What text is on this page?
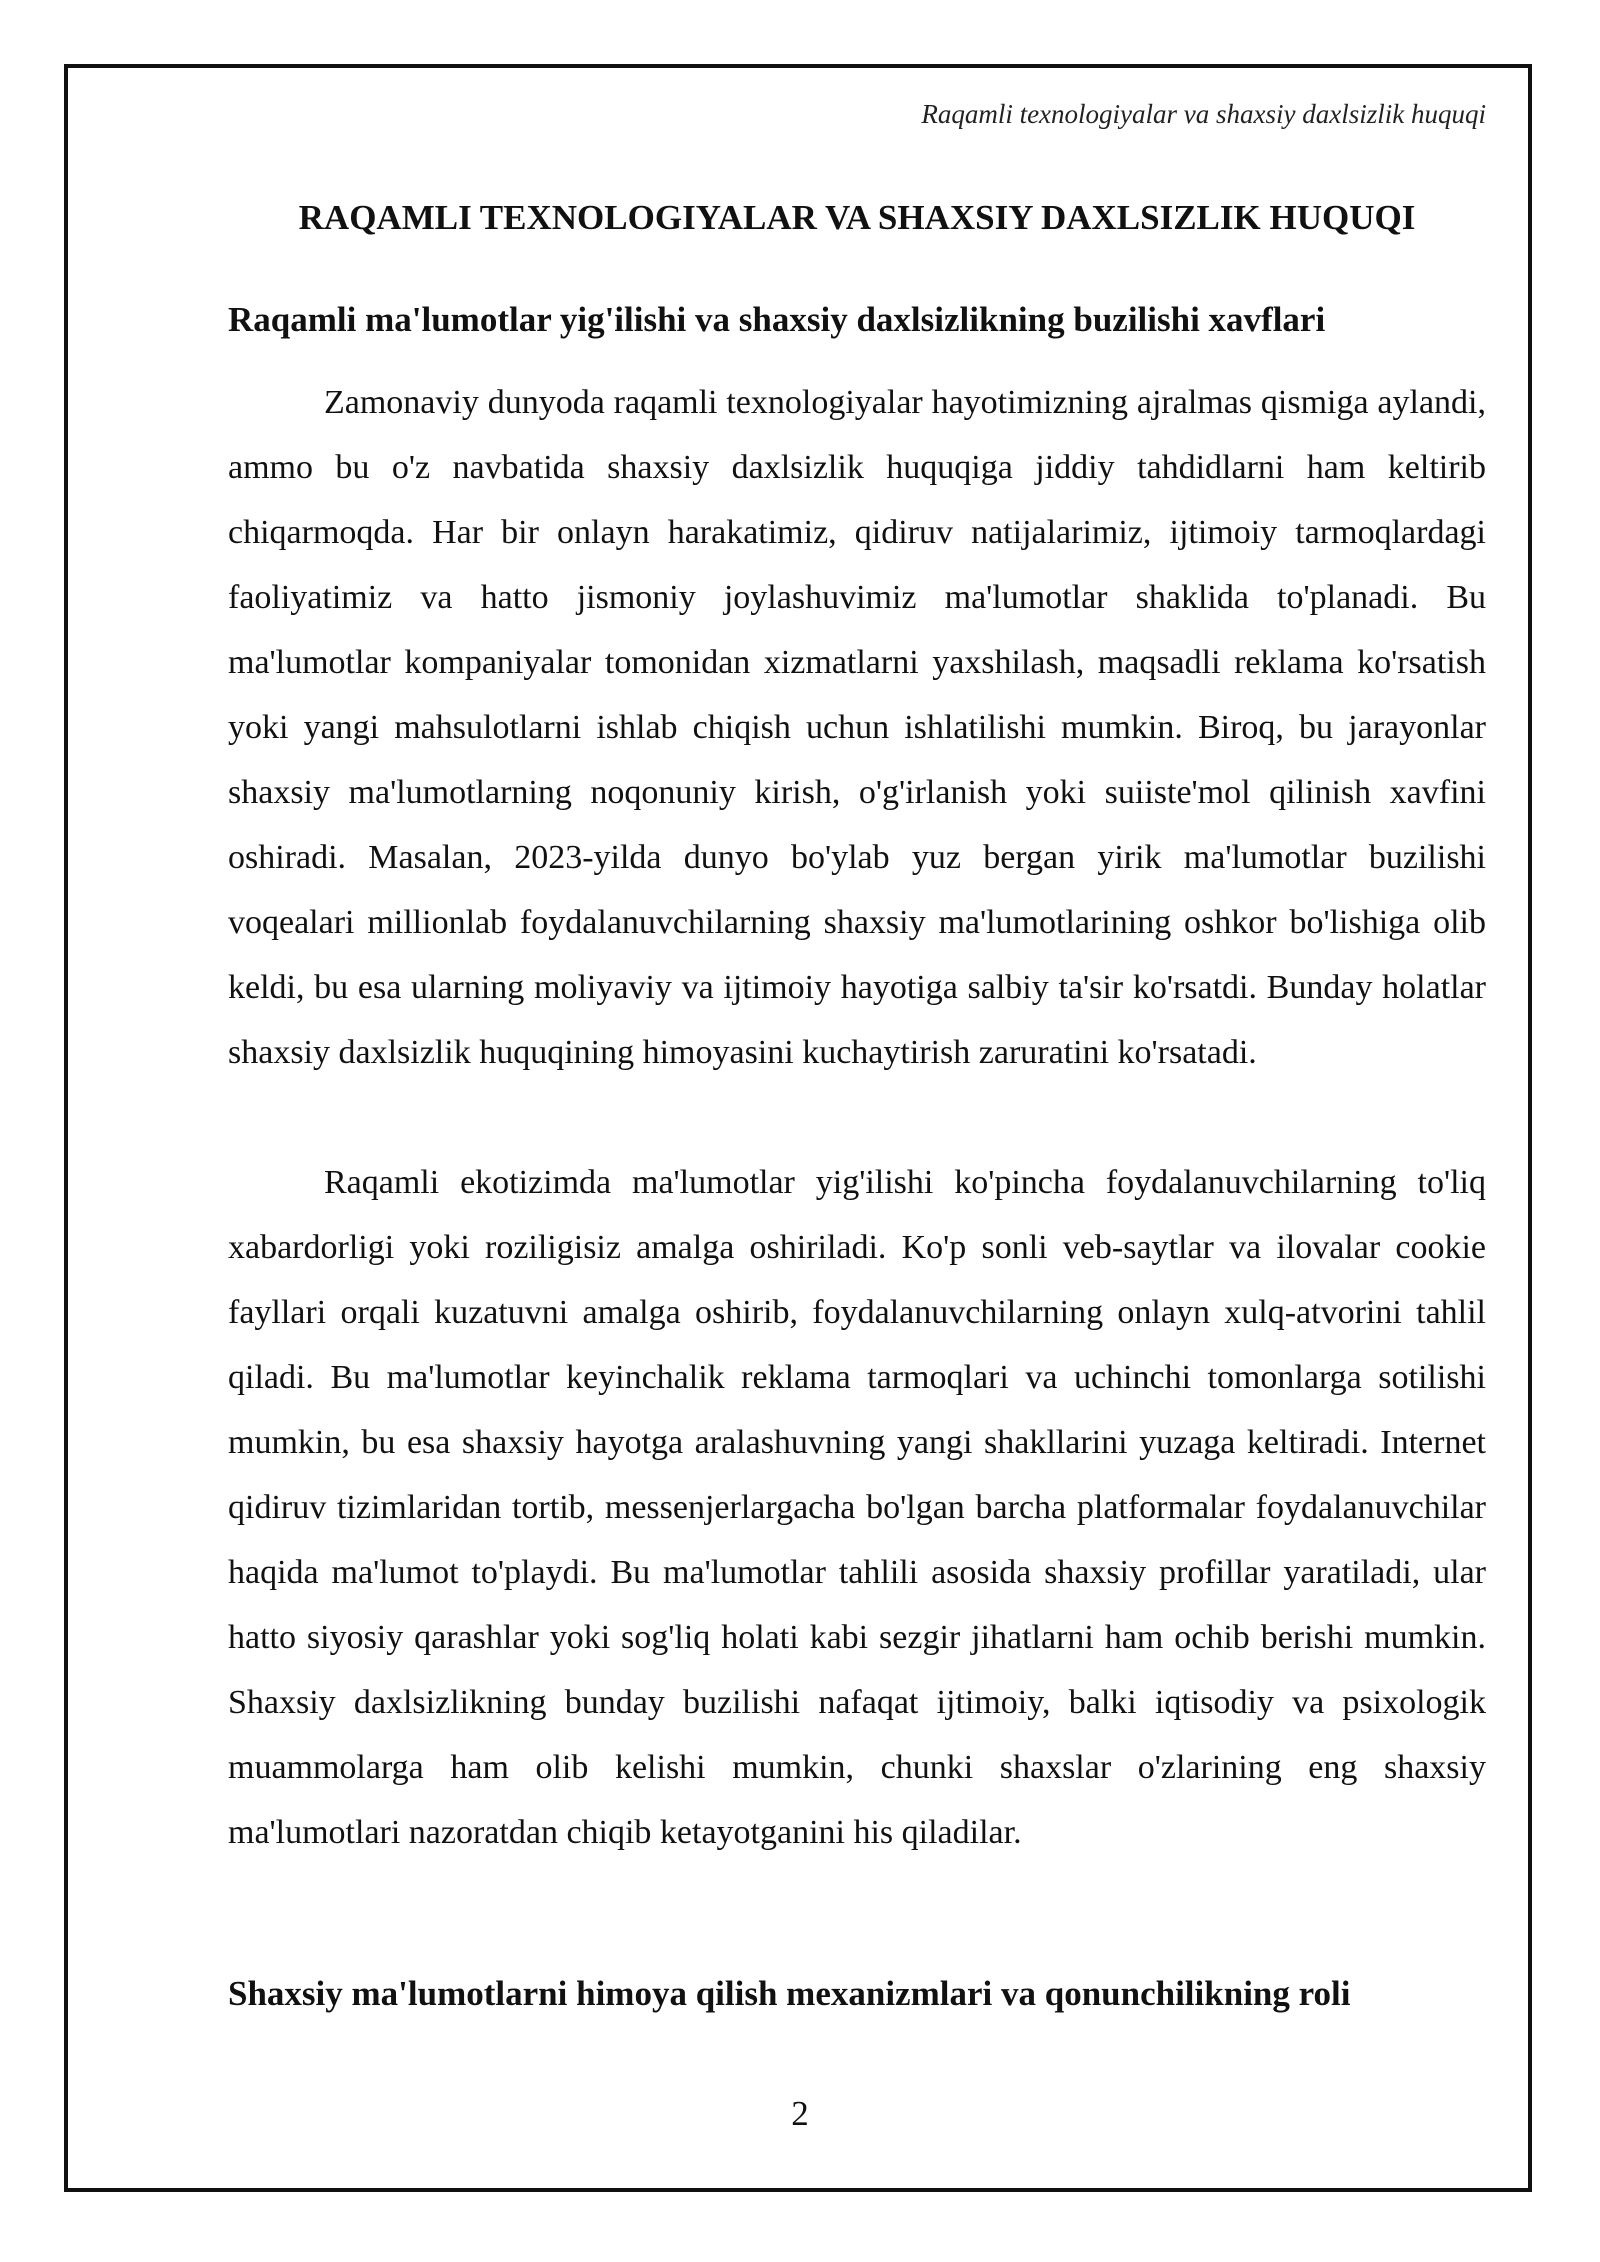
Raqamli texnologiyalar va shaxsiy daxlsizlik huquqi
RAQAMLI TEXNOLOGIYALAR VA SHAXSIY DAXLSIZLIK HUQUQI
Raqamli ma'lumotlar yig'ilishi va shaxsiy daxlsizlikning buzilishi xavflari

Zamonaviy dunyoda raqamli texnologiyalar hayotimizning ajralmas qismiga aylandi, ammo bu o'z navbatida shaxsiy daxlsizlik huquqiga jiddiy tahdidlarni ham keltirib chiqarmoqda. Har bir onlayn harakatimiz, qidiruv natijalarimiz, ijtimoiy tarmoqlardagi faoliyatimiz va hatto jismoniy joylashuvimiz ma'lumotlar shaklida to'planadi. Bu ma'lumotlar kompaniyalar tomonidan xizmatlarni yaxshilash, maqsadli reklama ko'rsatish yoki yangi mahsulotlarni ishlab chiqish uchun ishlatilishi mumkin. Biroq, bu jarayonlar shaxsiy ma'lumotlarning noqonuniy kirish, o'g'irlanish yoki suiiste'mol qilinish xavfini oshiradi. Masalan, 2023-yilda dunyo bo'ylab yuz bergan yirik ma'lumotlar buzilishi voqealari millionlab foydalanuvchilarning shaxsiy ma'lumotlarining oshkor bo'lishiga olib keldi, bu esa ularning moliyaviy va ijtimoiy hayotiga salbiy ta'sir ko'rsatdi. Bunday holatlar shaxsiy daxlsizlik huquqining himoyasini kuchaytirish zaruratini ko'rsatadi.

Raqamli ekotizimda ma'lumotlar yig'ilishi ko'pincha foydalanuvchilarning to'liq xabardorligi yoki roziligisiz amalga oshiriladi. Ko'p sonli veb-saytlar va ilovalar cookie fayllari orqali kuzatuvni amalga oshirib, foydalanuvchilarning onlayn xulq-atvorini tahlil qiladi. Bu ma'lumotlar keyinchalik reklama tarmoqlari va uchinchi tomonlarga sotilishi mumkin, bu esa shaxsiy hayotga aralashuvning yangi shakllarini yuzaga keltiradi. Internet qidiruv tizimlaridan tortib, messenjerlargacha bo'lgan barcha platformalar foydalanuvchilar haqida ma'lumot to'playdi. Bu ma'lumotlar tahlili asosida shaxsiy profillar yaratiladi, ular hatto siyosiy qarashlar yoki sog'liq holati kabi sezgir jihatlarni ham ochib berishi mumkin. Shaxsiy daxlsizlikning bunday buzilishi nafaqat ijtimoiy, balki iqtisodiy va psixologik muammolarga ham olib kelishi mumkin, chunki shaxslar o'zlarining eng shaxsiy ma'lumotlari nazoratdan chiqib ketayotganini his qiladilar.

Shaxsiy ma'lumotlarni himoya qilish mexanizmlari va qonunchilikning roli
2
